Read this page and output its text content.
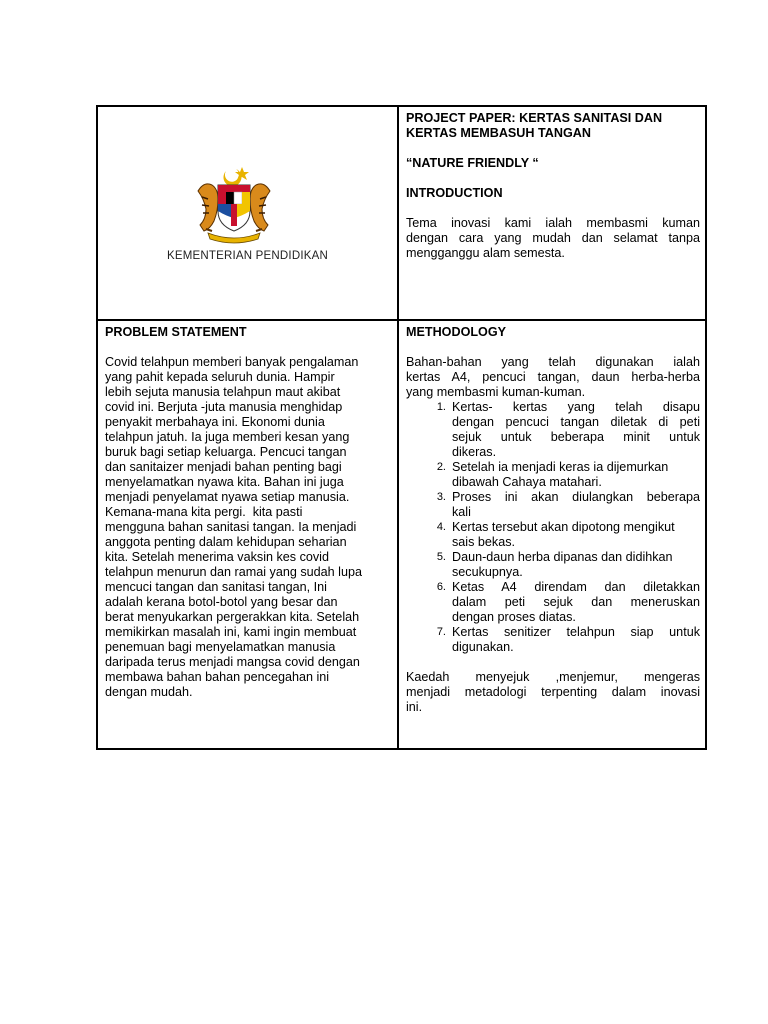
KEMENTERIAN PENDIDIKAN

PROJECT PAPER: KERTAS SANITASI DAN

KERTAS MEMBASUH TANGAN

“NATURE FRIENDLY “

INTRODUCTION

Tema inovasi kami ialah membasmi kuman

dengan cara yang mudah dan selamat tanpa

mengganggu alam semesta.

PROBLEM STATEMENT

Covid telahpun memberi banyak pengalaman

yang pahit kepada seluruh dunia. Hampir

lebih sejuta manusia telahpun maut akibat

covid ini. Berjuta -juta manusia menghidap

penyakit merbahaya ini. Ekonomi dunia

telahpun jatuh. Ia juga memberi kesan yang

buruk bagi setiap keluarga. Pencuci tangan

dan sanitaizer menjadi bahan penting bagi

menyelamatkan nyawa kita. Bahan ini juga

menjadi penyelamat nyawa setiap manusia.

Kemana-mana kita pergi.  kita pasti

mengguna bahan sanitasi tangan. Ia menjadi

anggota penting dalam kehidupan seharian

kita. Setelah menerima vaksin kes covid

telahpun menurun dan ramai yang sudah lupa

mencuci tangan dan sanitasi tangan, Ini

adalah kerana botol-botol yang besar dan

berat menyukarkan pergerakkan kita. Setelah

memikirkan masalah ini, kami ingin membuat

penemuan bagi menyelamatkan manusia

daripada terus menjadi mangsa covid dengan

membawa bahan bahan pencegahan ini

dengan mudah.

METHODOLOGY

Bahan-bahan yang telah digunakan ialah

kertas A4, pencuci tangan, daun herba-herba

yang membasmi kuman-kuman.

1. Kertas- kertas yang telah disapu

dengan pencuci tangan diletak di peti

sejuk untuk beberapa minit untuk

dikeras.

2. Setelah ia menjadi keras ia dijemurkan

dibawah Cahaya matahari.

3. Proses ini akan diulangkan beberapa

kali

4. Kertas tersebut akan dipotong mengikut

sais bekas.

5. Daun-daun herba dipanas dan didihkan

secukupnya.

6. Ketas A4 direndam dan diletakkan

dalam peti sejuk dan meneruskan

dengan proses diatas.

7. Kertas senitizer telahpun siap untuk

digunakan.

Kaedah menyejuk ,menjemur, mengeras

menjadi metadologi terpenting dalam inovasi

ini.
